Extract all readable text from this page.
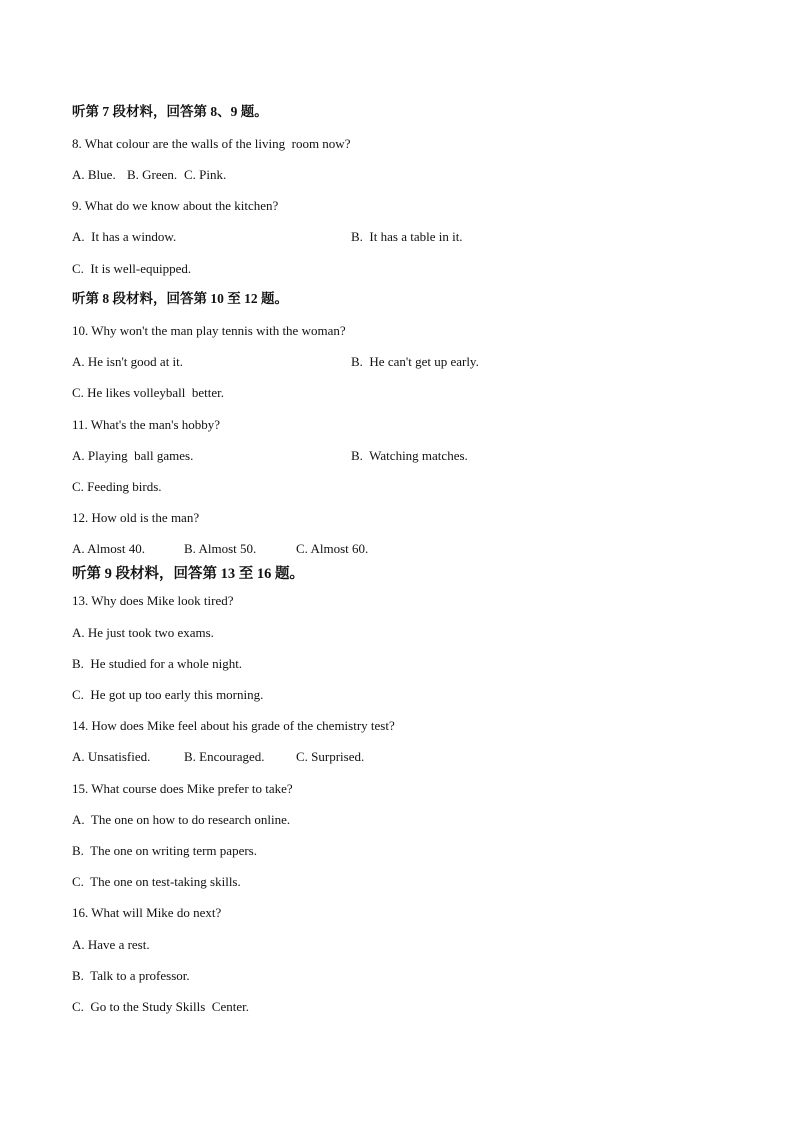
听第 7 段材料，回答第 8、9 题。
8. What colour are the walls of the living  room now?

A. Blue.

B. Green.

C. Pink.

9. What do we know about the kitchen?
A.  It has a window.	B.  It has a table in it.
C.  It is well-equipped.
听第 8 段材料，回答第 10 至 12 题。
10. Why won't the man play tennis with the woman?
A. He isn't good at it.	B.  He can't get up early.
C. He likes volleyball  better.
11. What's the man's hobby?
A. Playing  ball games.	B.  Watching matches.
C. Feeding birds.
12. How old is the man?

A. Almost 40.

	B. Almost 50.

	C. Almost 60.

听第 9 段材料，回答第 13 至 16 题。
13. Why does Mike look tired?
A. He just took two exams.
B.  He studied for a whole night.
C.  He got up too early this morning.
14. How does Mike feel about his grade of the chemistry test?

A. Unsatisfied.

	B. Encouraged.

C. Surprised.

15. What course does Mike prefer to take?
A.  The one on how to do research online.
B.  The one on writing term papers.
C.  The one on test-taking skills.
16. What will Mike do next?
A. Have a rest.
B.  Talk to a professor.
C.  Go to the Study Skills  Center.
